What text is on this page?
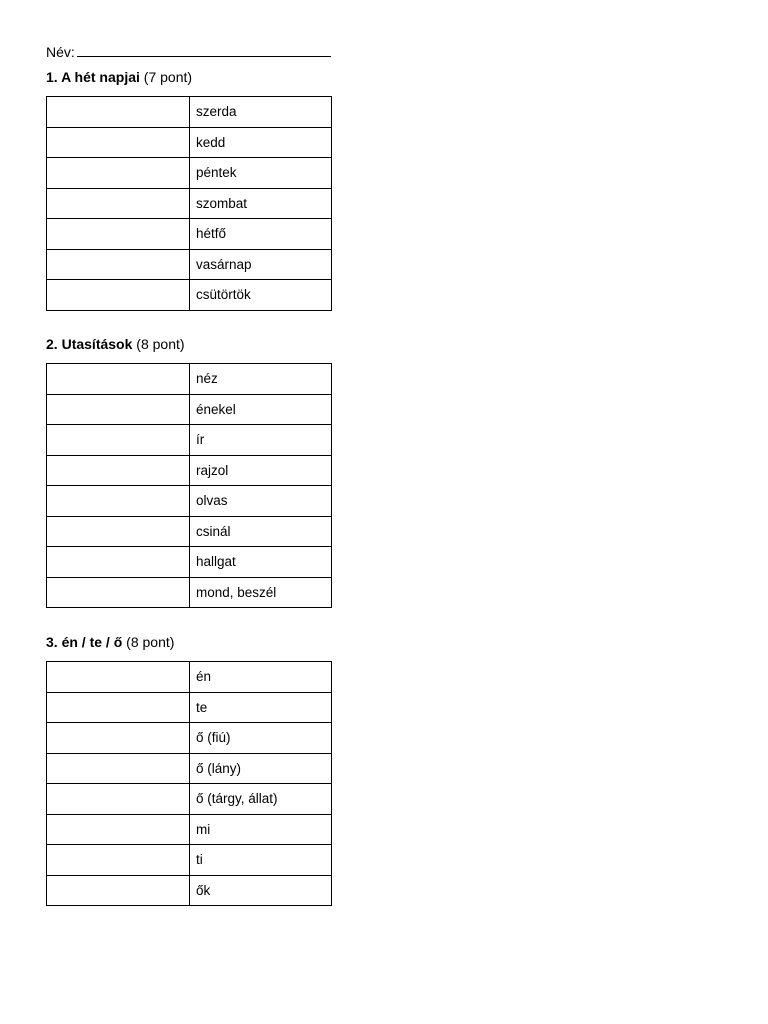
Név:
1. A hét napjai (7 pont)
	szerda
	kedd
	péntek
	szombat
	hétfő
	vasárnap
	csütörtök
2. Utasítások (8 pont)
	néz
	énekel
	ír
	rajzol
	olvas
	csinál
	hallgat
	mond, beszél
3. én / te / ő (8 pont)
	én
	te
	ő (fiú)
	ő (lány)
	ő (tárgy, állat)
	mi
	ti
	ők
